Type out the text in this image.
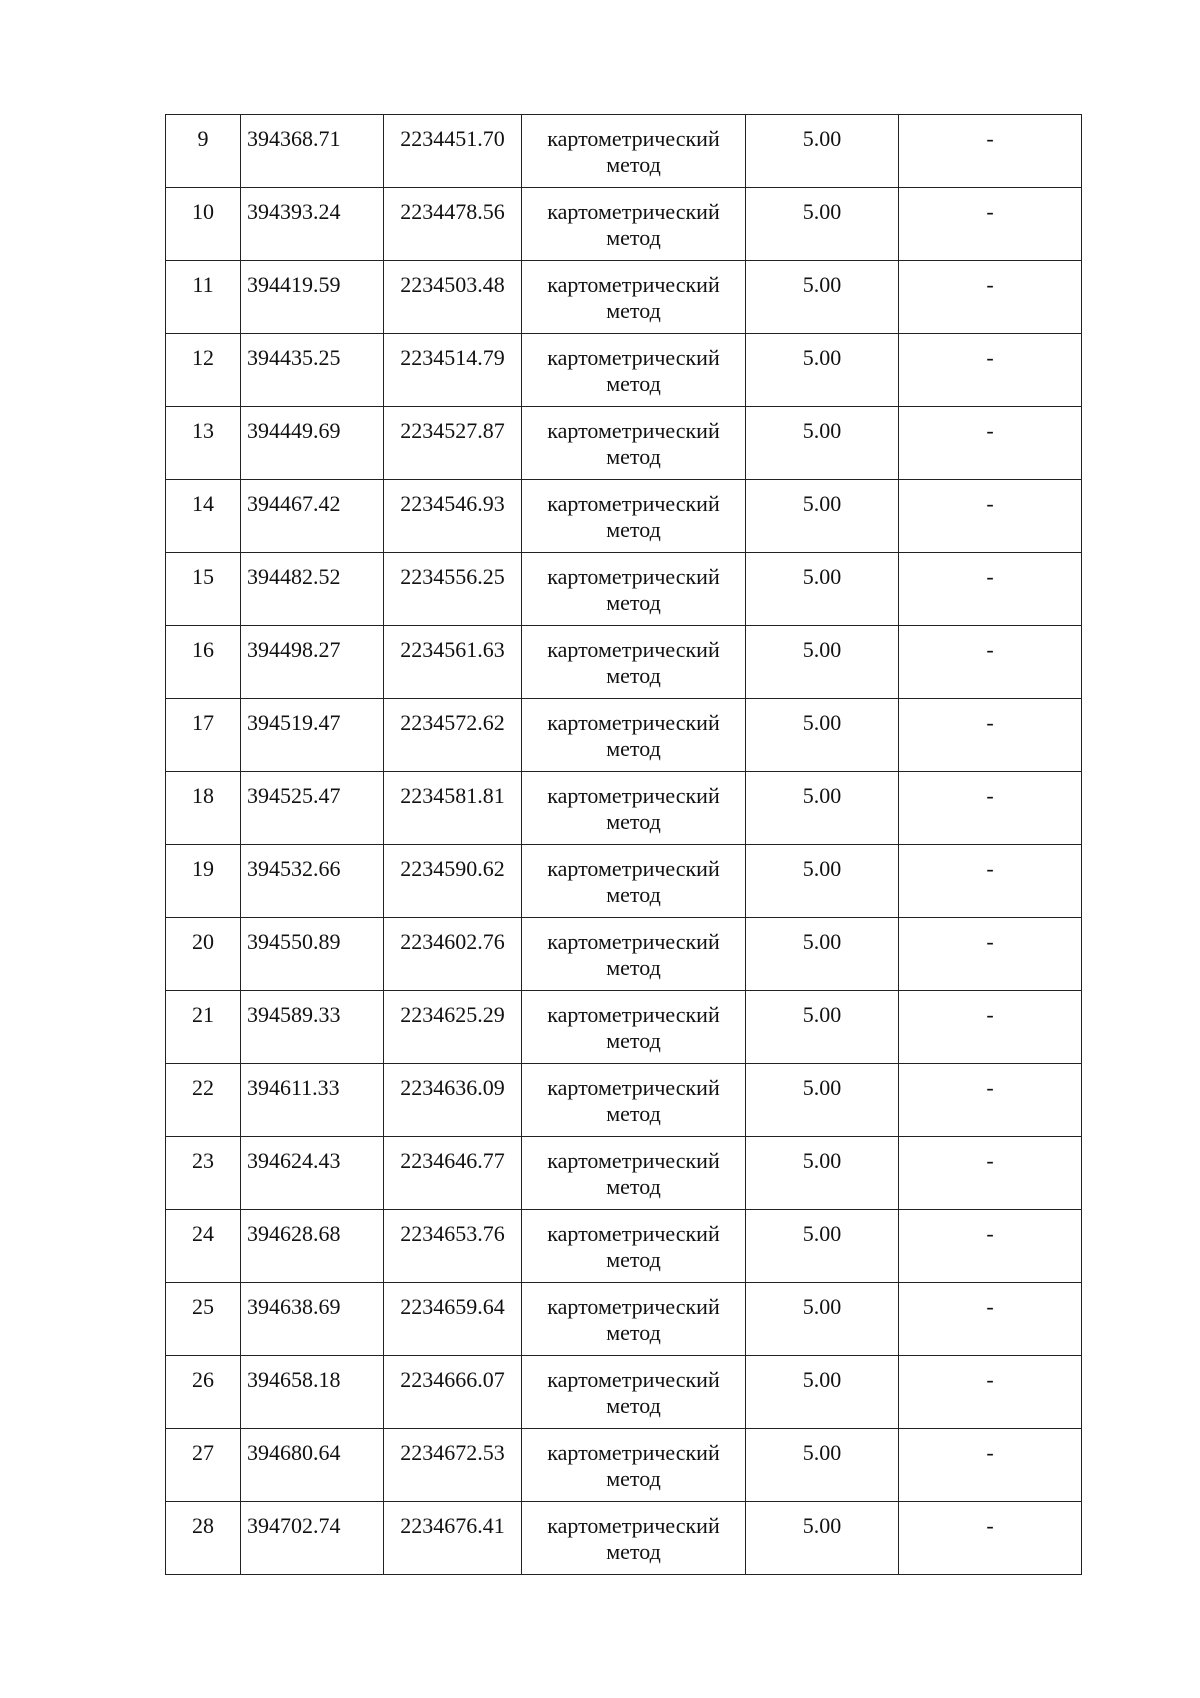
9	394368.71	2234451.70	картометрический метод	5.00	-
10	394393.24	2234478.56	картометрический метод	5.00	-
11	394419.59	2234503.48	картометрический метод	5.00	-
12	394435.25	2234514.79	картометрический метод	5.00	-
13	394449.69	2234527.87	картометрический метод	5.00	-
14	394467.42	2234546.93	картометрический метод	5.00	-
15	394482.52	2234556.25	картометрический метод	5.00	-
16	394498.27	2234561.63	картометрический метод	5.00	-
17	394519.47	2234572.62	картометрический метод	5.00	-
18	394525.47	2234581.81	картометрический метод	5.00	-
19	394532.66	2234590.62	картометрический метод	5.00	-
20	394550.89	2234602.76	картометрический метод	5.00	-
21	394589.33	2234625.29	картометрический метод	5.00	-
22	394611.33	2234636.09	картометрический метод	5.00	-
23	394624.43	2234646.77	картометрический метод	5.00	-
24	394628.68	2234653.76	картометрический метод	5.00	-
25	394638.69	2234659.64	картометрический метод	5.00	-
26	394658.18	2234666.07	картометрический метод	5.00	-
27	394680.64	2234672.53	картометрический метод	5.00	-
28	394702.74	2234676.41	картометрический метод	5.00	-
